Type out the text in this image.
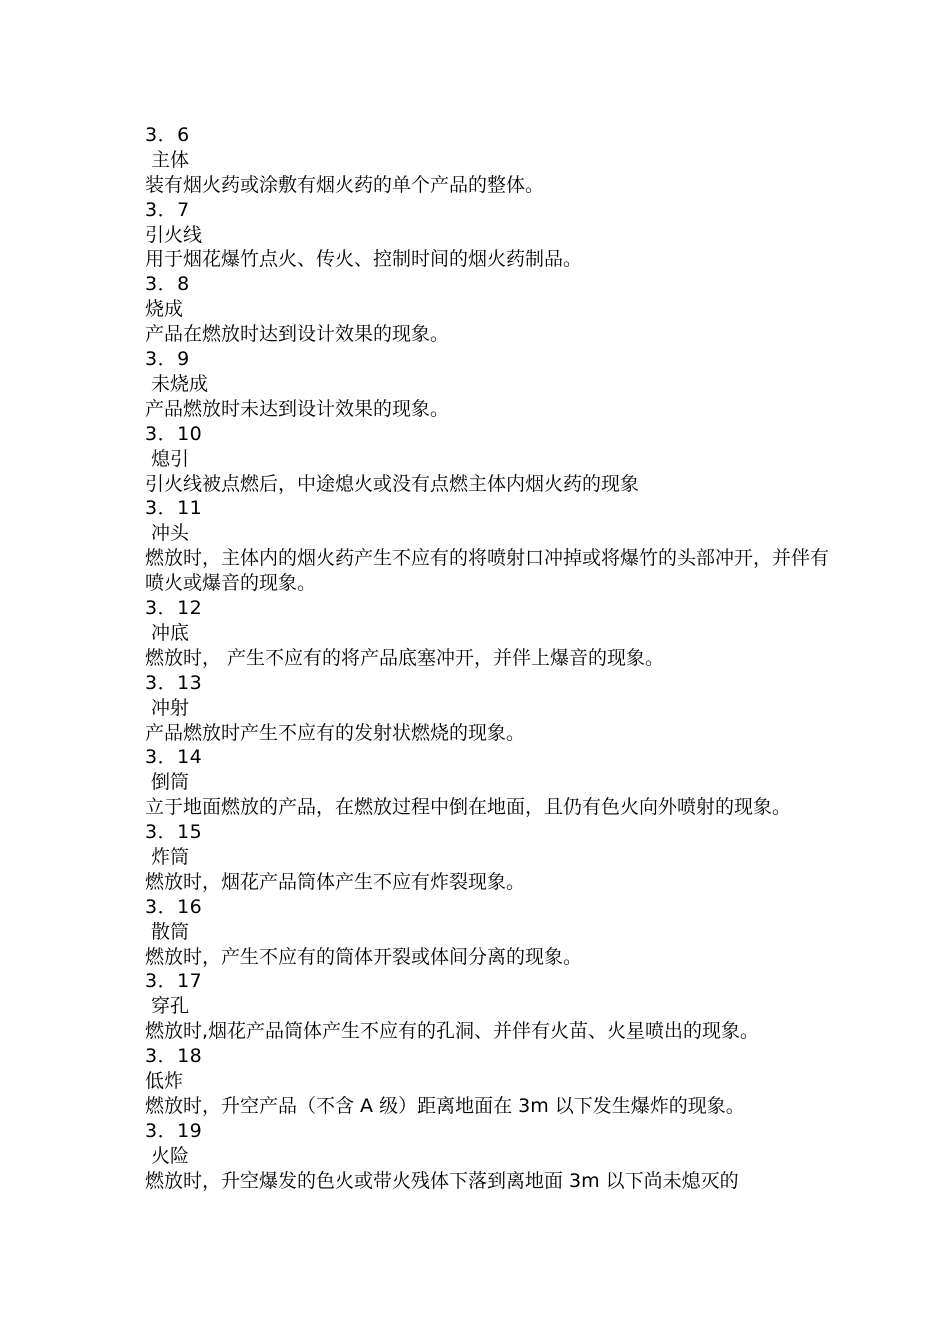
3．6
主体
装有烟火药或涂敷有烟火药的单个产品的整体。
3．7
引火线
用于烟花爆竹点火、传火、控制时间的烟火药制品。
3．8
烧成
产品在燃放时达到设计效果的现象。
3．9
未烧成
产品燃放时未达到设计效果的现象。
3．10
熄引
引火线被点燃后，中途熄火或没有点燃主体内烟火药的现象
3．11
冲头
燃放时，主体内的烟火药产生不应有的将喷射口冲掉或将爆竹的头部冲开，并伴有喷火或爆音的现象。
3．12
冲底
燃放时， 产生不应有的将产品底塞冲开，并伴上爆音的现象。
3．13
冲射
产品燃放时产生不应有的发射状燃烧的现象。
3．14
倒筒
立于地面燃放的产品，在燃放过程中倒在地面，且仍有色火向外喷射的现象。
3．15
炸筒
燃放时，烟花产品筒体产生不应有炸裂现象。
3．16
散筒
燃放时，产生不应有的筒体开裂或体间分离的现象。
3．17
穿孔
燃放时,烟花产品筒体产生不应有的孔洞、并伴有火苗、火星喷出的现象。
3．18
低炸
燃放时，升空产品（不含 A 级）距离地面在 3m 以下发生爆炸的现象。
3．19
火险
燃放时，升空爆发的色火或带火残体下落到离地面 3m 以下尚未熄灭的
